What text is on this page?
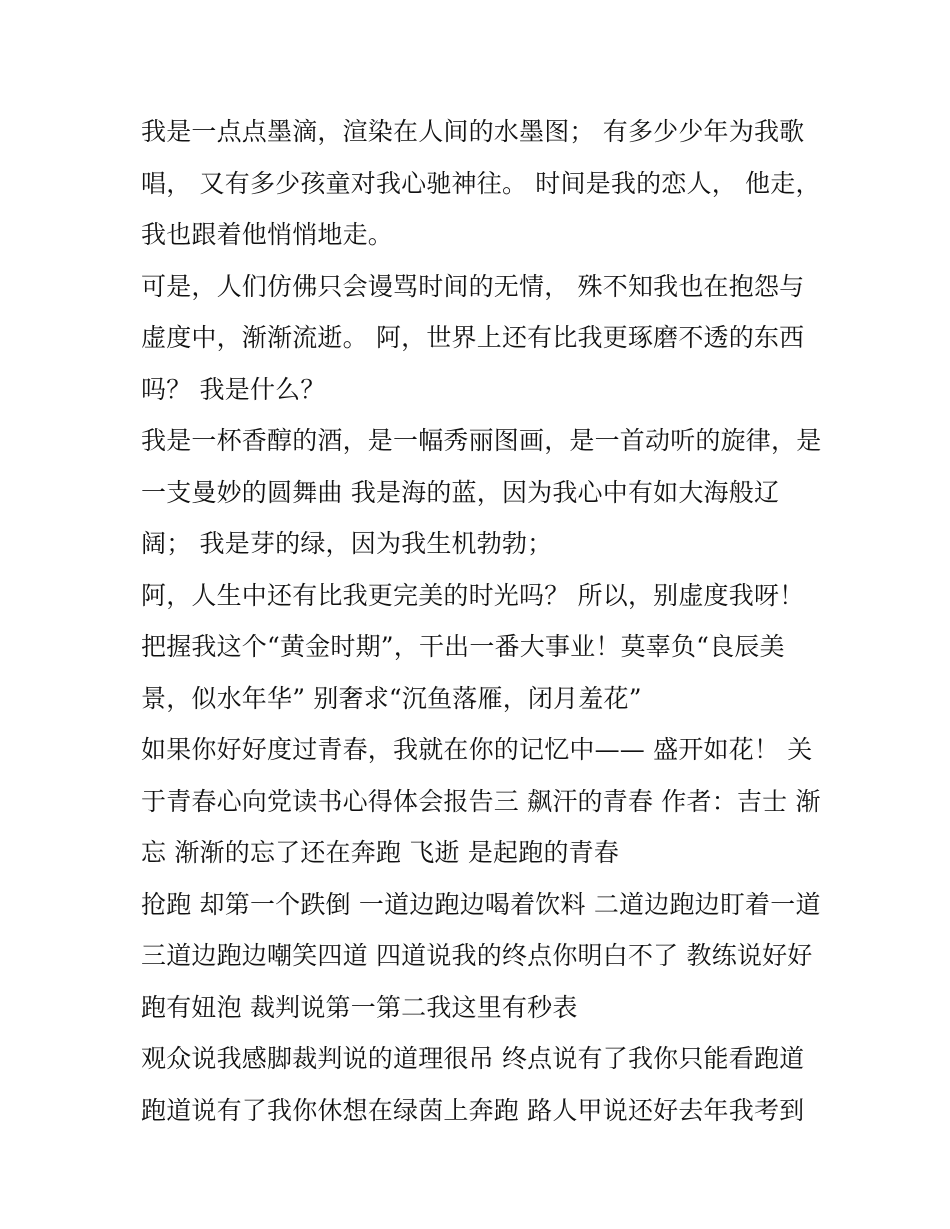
我是一点点墨滴，渲染在人间的水墨图； 有多少少年为我歌
唱， 又有多少孩童对我心驰神往。 时间是我的恋人， 他走，
我也跟着他悄悄地走。
可是，人们仿佛只会谩骂时间的无情， 殊不知我也在抱怨与
虚度中，渐渐流逝。 阿，世界上还有比我更琢磨不透的东西
吗？ 我是什么？
我是一杯香醇的酒，是一幅秀丽图画，是一首动听的旋律，是
一支曼妙的圆舞曲 我是海的蓝，因为我心中有如大海般辽
阔； 我是芽的绿，因为我生机勃勃；
阿，人生中还有比我更完美的时光吗？ 所以，别虚度我呀！
把握我这个“黄金时期”，干出一番大事业！莫辜负“良辰美
景，似水年华” 别奢求“沉鱼落雁，闭月羞花”
如果你好好度过青春，我就在你的记忆中—— 盛开如花！ 关
于青春心向党读书心得体会报告三 飙汗的青春 作者：吉士 渐
忘 渐渐的忘了还在奔跑 飞逝 是起跑的青春
抢跑 却第一个跌倒 一道边跑边喝着饮料 二道边跑边盯着一道
三道边跑边嘲笑四道 四道说我的终点你明白不了 教练说好好
跑有妞泡 裁判说第一第二我这里有秒表
观众说我感脚裁判说的道理很吊 终点说有了我你只能看跑道
跑道说有了我你休想在绿茵上奔跑 路人甲说还好去年我考到
